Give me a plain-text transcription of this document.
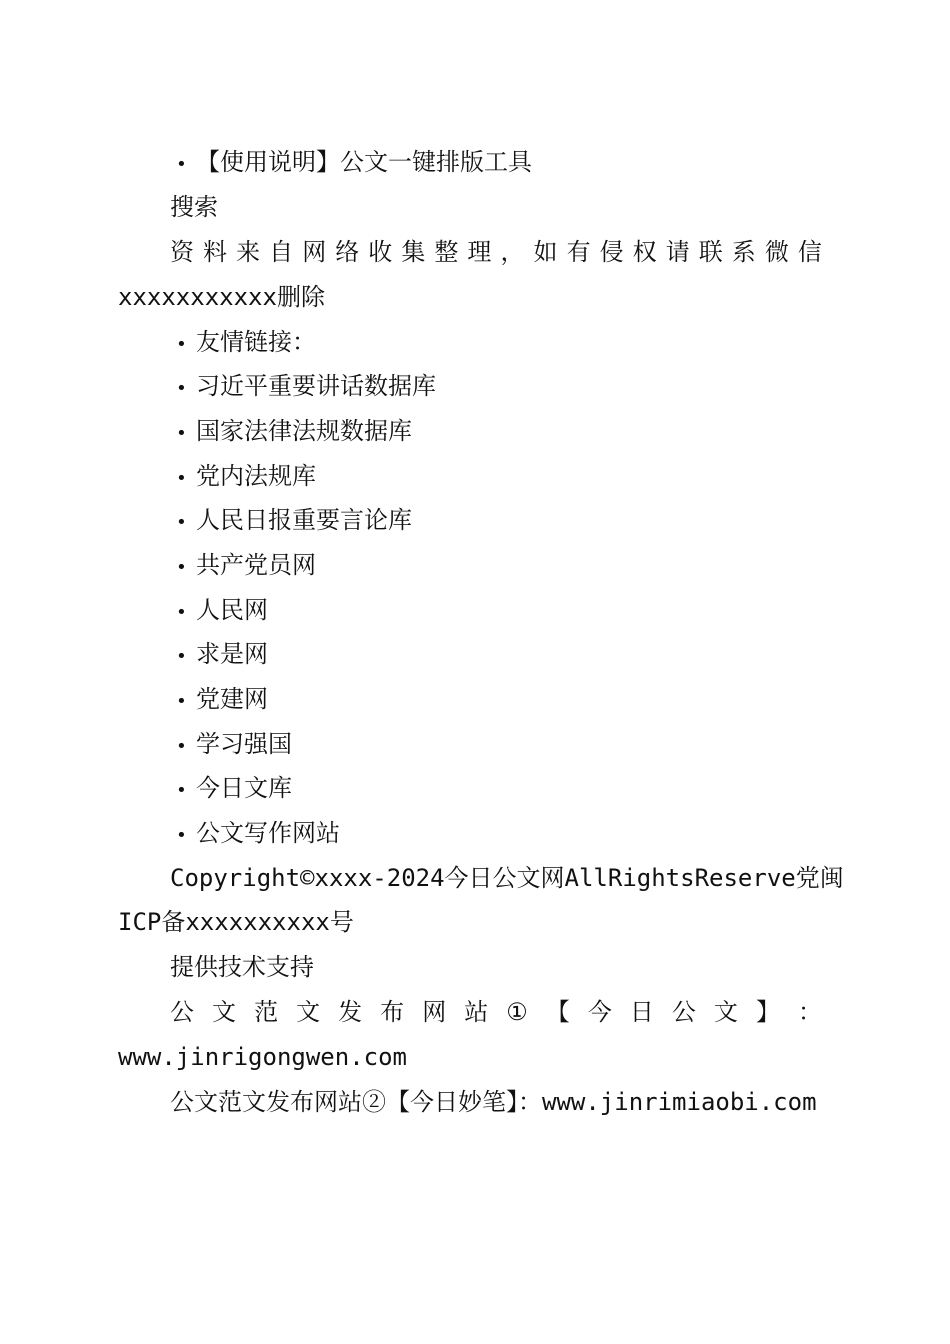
• 【使用说明】公文一键排版工具
搜索
资 料 来 自 网 络 收 集 整 理 ， 如 有 侵 权 请 联 系 微 信
xxxxxxxxxxx删除
• 友情链接：
• 习近平重要讲话数据库
• 国家法律法规数据库
• 党内法规库
• 人民日报重要言论库
• 共产党员网
• 人民网
• 求是网
• 党建网
• 学习强国
• 今日文库
• 公文写作网站
Copyright©xxxx-2024今日公文网AllRightsReserve党闽
ICP备xxxxxxxxxx号
提供技术支持
公 文 范 文 发 布 网 站 ① 【 今 日 公 文 】 ：
www.jinrigongwen.com
公文范文发布网站②【今日妙笔】：www.jinrimiaobi.com
